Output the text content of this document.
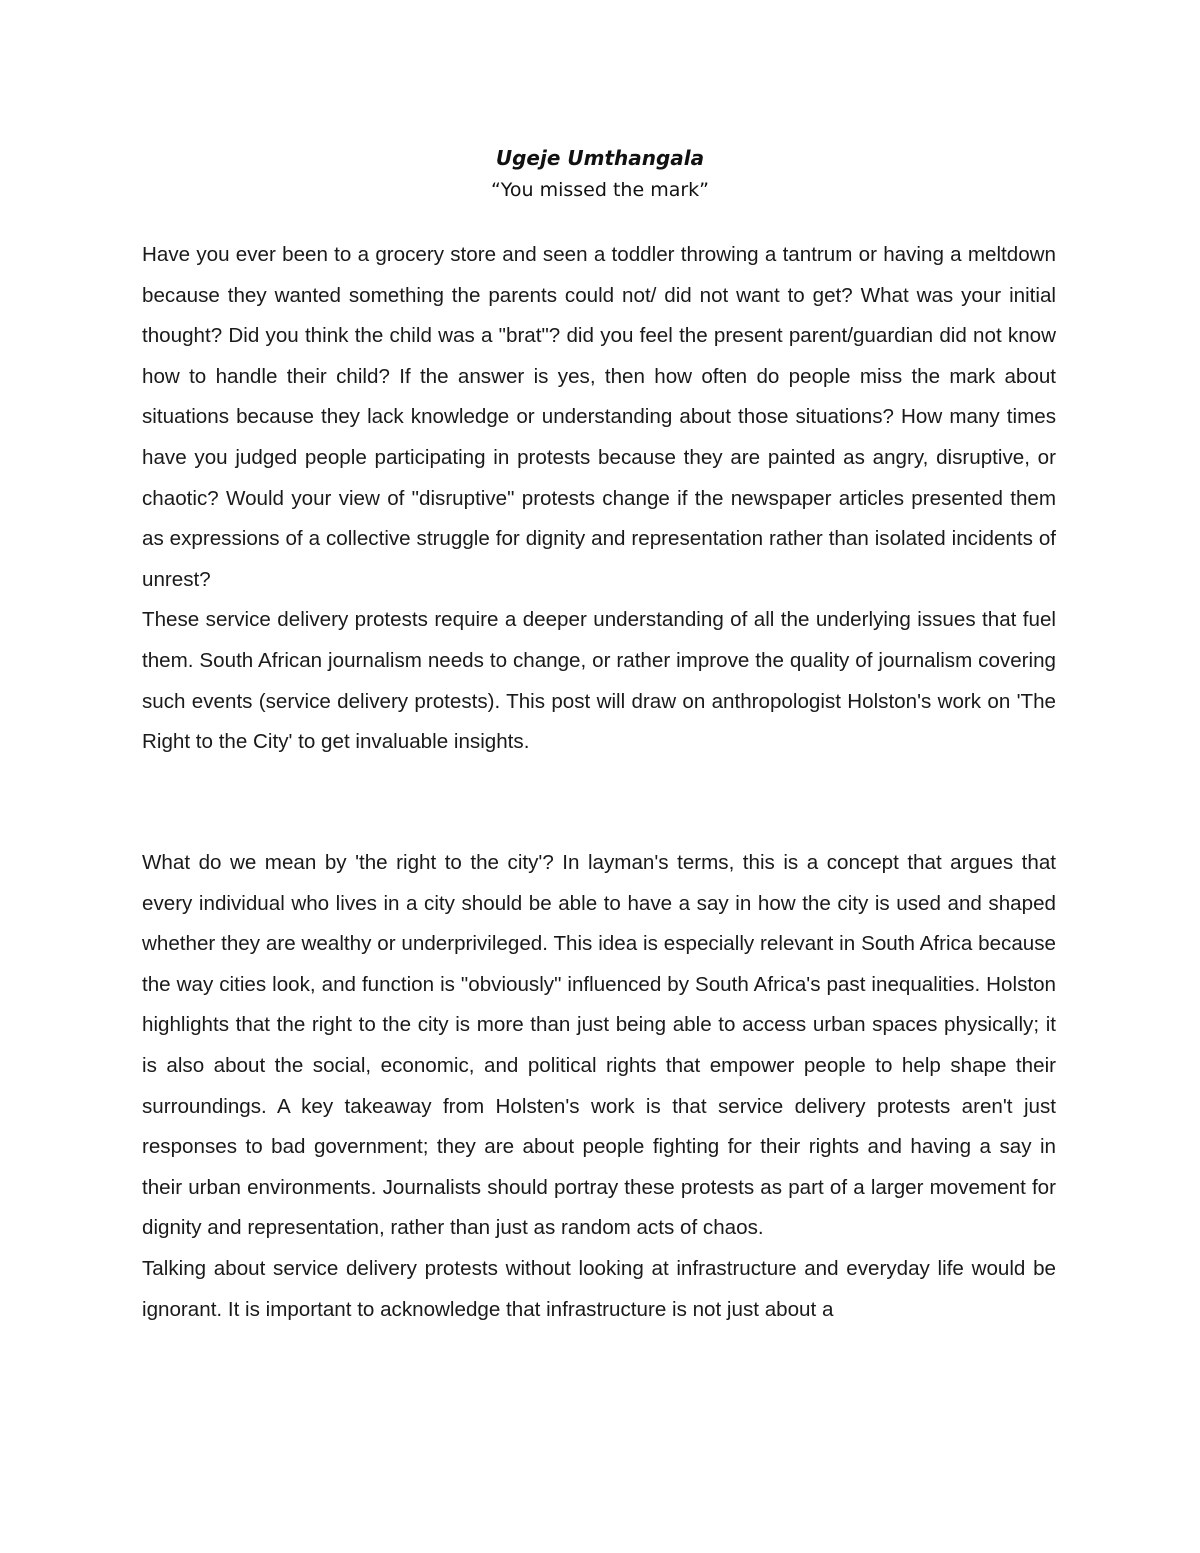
Ugeje Umthangala
“You missed the mark”

Have you ever been to a grocery store and seen a toddler throwing a tantrum or having a meltdown because they wanted something the parents could not/ did not want to get? What was your initial thought? Did you think the child was a "brat"? did you feel the present parent/guardian did not know how to handle their child? If the answer is yes, then how often do people miss the mark about situations because they lack knowledge or understanding about those situations? How many times have you judged people participating in protests because they are painted as angry, disruptive, or chaotic? Would your view of "disruptive" protests change if the newspaper articles presented them as expressions of a collective struggle for dignity and representation rather than isolated incidents of unrest?

These service delivery protests require a deeper understanding of all the underlying issues that fuel them. South African journalism needs to change, or rather improve the quality of journalism covering such events (service delivery protests). This post will draw on anthropologist Holston's work on 'The Right to the City' to get invaluable insights.

What do we mean by 'the right to the city'? In layman's terms, this is a concept that argues that every individual who lives in a city should be able to have a say in how the city is used and shaped whether they are wealthy or underprivileged. This idea is especially relevant in South Africa because the way cities look, and function is "obviously" influenced by South Africa's past inequalities. Holston highlights that the right to the city is more than just being able to access urban spaces physically; it is also about the social, economic, and political rights that empower people to help shape their surroundings. A key takeaway from Holsten's work is that service delivery protests aren't just responses to bad government; they are about people fighting for their rights and having a say in their urban environments. Journalists should portray these protests as part of a larger movement for dignity and representation, rather than just as random acts of chaos.

Talking about service delivery protests without looking at infrastructure and everyday life would be ignorant. It is important to acknowledge that infrastructure is not just about a
